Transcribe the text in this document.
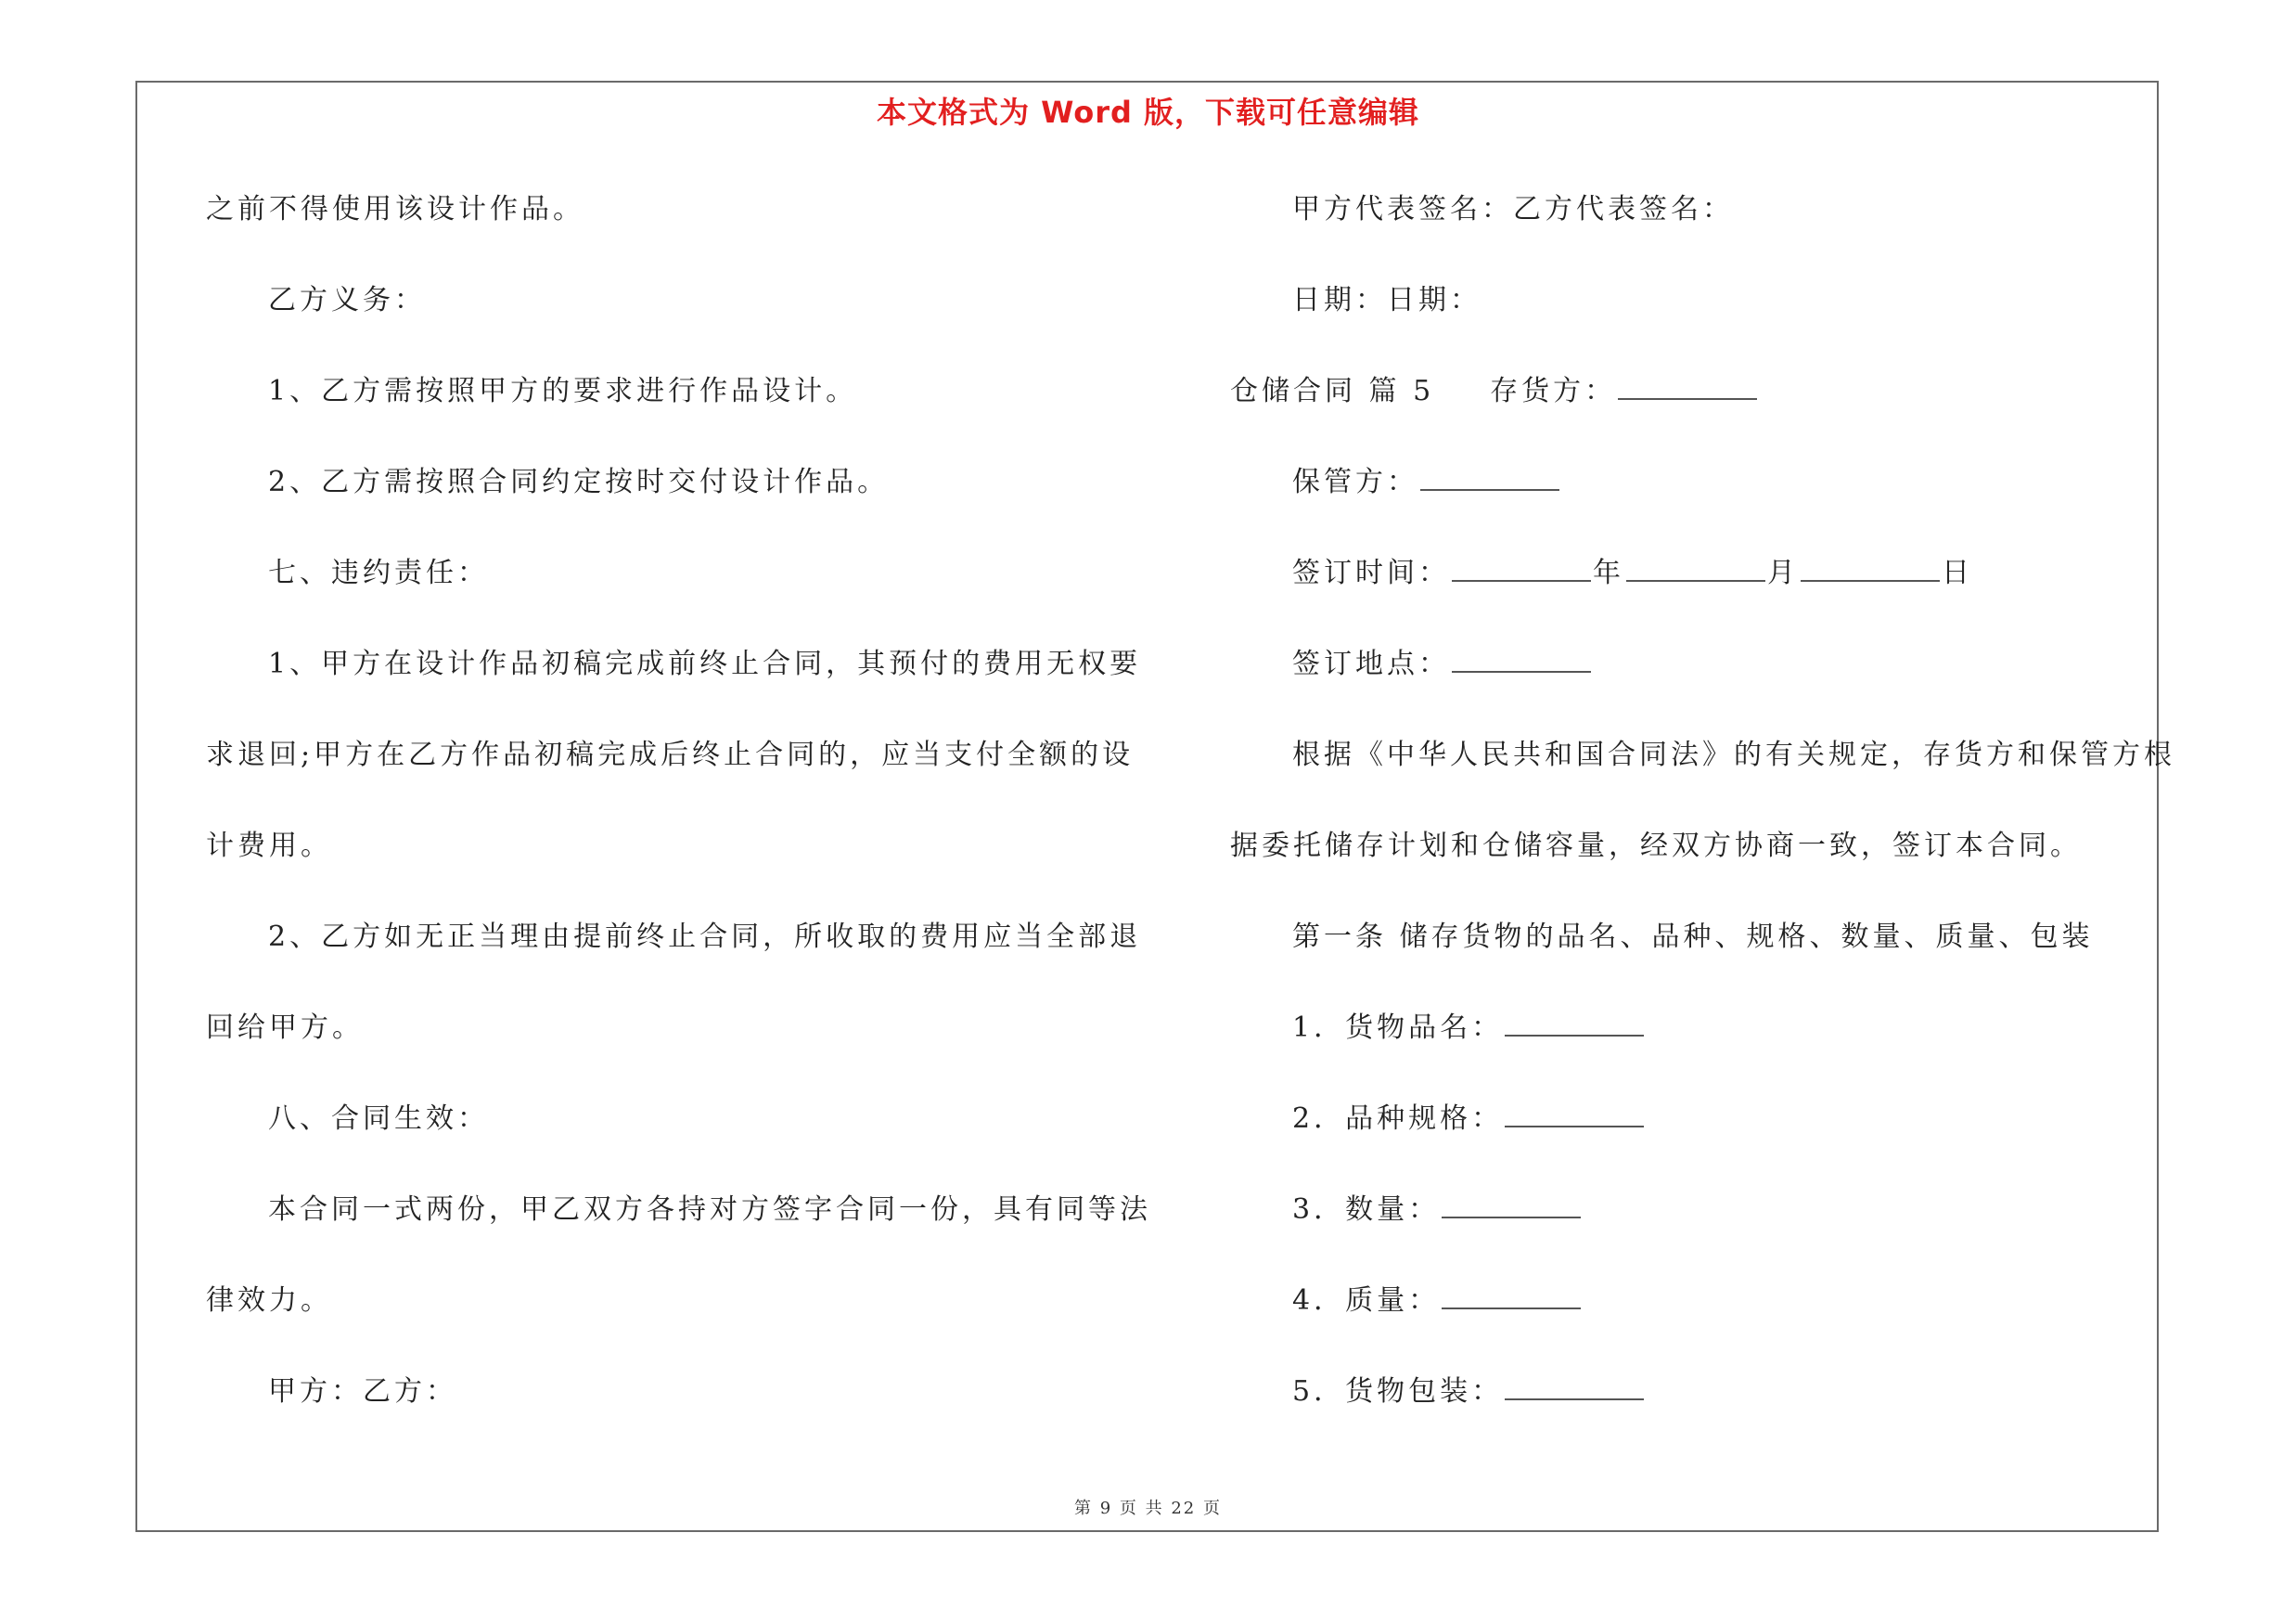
本文格式为 Word 版，下载可任意编辑
之前不得使用该设计作品。
乙方义务：
1、乙方需按照甲方的要求进行作品设计。
2、乙方需按照合同约定按时交付设计作品。
七、违约责任：
1、甲方在设计作品初稿完成前终止合同，其预付的费用无权要
求退回;甲方在乙方作品初稿完成后终止合同的，应当支付全额的设
计费用。
2、乙方如无正当理由提前终止合同，所收取的费用应当全部退
回给甲方。
八、合同生效：
本合同一式两份，甲乙双方各持对方签字合同一份，具有同等法
律效力。
甲方：乙方：
甲方代表签名：乙方代表签名：
日期：日期：
仓储合同 篇 5 存货方：
保管方：
签订时间：	年	月	日
签订地点：
根据《中华人民共和国合同法》的有关规定，存货方和保管方根
据委托储存计划和仓储容量，经双方协商一致，签订本合同。
第一条 储存货物的品名、品种、规格、数量、质量、包装
1．货物品名：
2．品种规格：
3．数量：
4．质量：
5．货物包装：
第 9 页 共 22 页
